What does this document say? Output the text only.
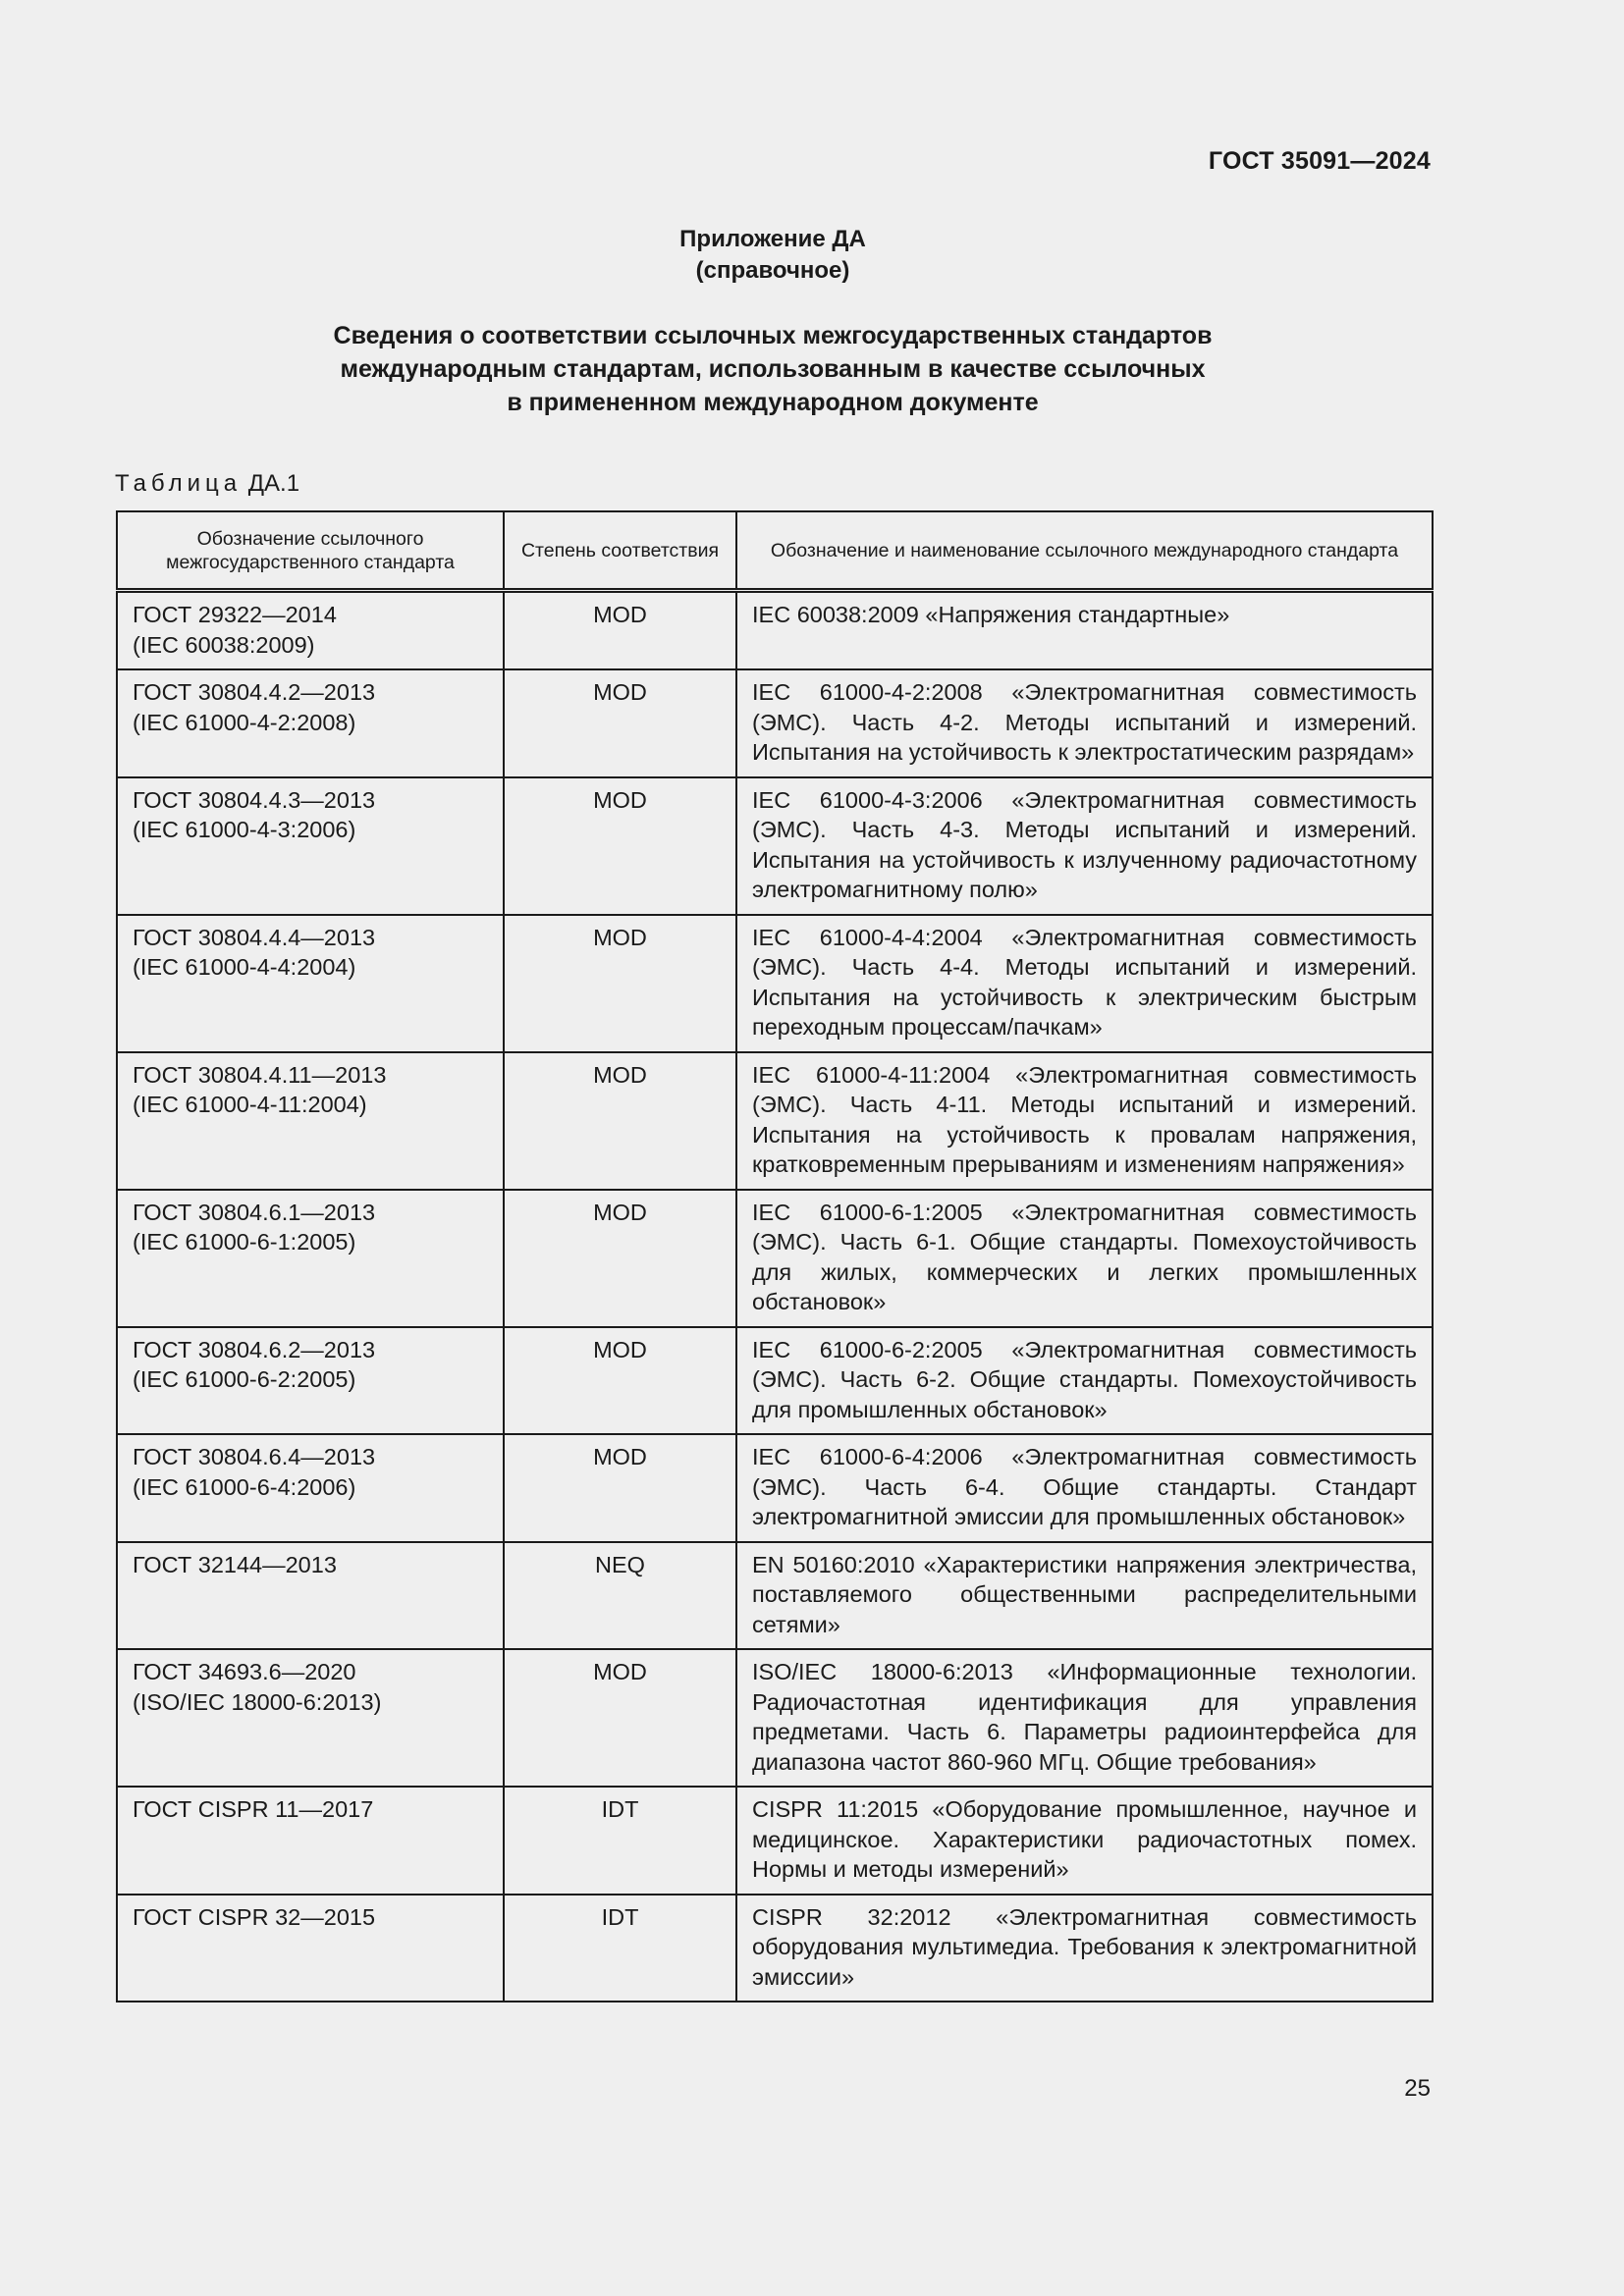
ГОСТ 35091—2024
Приложение ДА
(справочное)
Сведения о соответствии ссылочных межгосударственных стандартов
международным стандартам, использованным в качестве ссылочных
в примененном международном документе
Таблица ДА.1
Обозначение ссылочного межгосударственного стандарта	Степень соответствия	Обозначение и наименование ссылочного международного стандарта

ГОСТ 29322—2014
(IEC 60038:2009)	MOD	IEC 60038:2009 «Напряжения стандартные»

ГОСТ 30804.4.2—2013
(IEC 61000-4-2:2008)	MOD	IEC 61000-4-2:2008 «Электромагнитная совместимость (ЭМС). Часть 4-2. Методы испытаний и измерений. Испытания на устойчивость к электростатическим разрядам»

ГОСТ 30804.4.3—2013
(IEC 61000-4-3:2006)	MOD	IEC 61000-4-3:2006 «Электромагнитная совместимость (ЭМС). Часть 4-3. Методы испытаний и измерений. Испытания на устойчивость к излученному радиочастотному электромагнитному полю»

ГОСТ 30804.4.4—2013
(IEC 61000-4-4:2004)	MOD	IEC 61000-4-4:2004 «Электромагнитная совместимость (ЭМС). Часть 4-4. Методы испытаний и измерений. Испытания на устойчивость к электрическим быстрым переходным процессам/пачкам»

ГОСТ 30804.4.11—2013
(IEC 61000-4-11:2004)	MOD	IEC 61000-4-11:2004 «Электромагнитная совместимость (ЭМС). Часть 4-11. Методы испытаний и измерений. Испытания на устойчивость к провалам напряжения, кратковременным прерываниям и изменениям напряжения»

ГОСТ 30804.6.1—2013
(IEC 61000-6-1:2005)	MOD	IEC 61000-6-1:2005 «Электромагнитная совместимость (ЭМС). Часть 6-1. Общие стандарты. Помехоустойчивость для жилых, коммерческих и легких промышленных обстановок»

ГОСТ 30804.6.2—2013
(IEC 61000-6-2:2005)	MOD	IEC 61000-6-2:2005 «Электромагнитная совместимость (ЭМС). Часть 6-2. Общие стандарты. Помехоустойчивость для промышленных обстановок»

ГОСТ 30804.6.4—2013
(IEC 61000-6-4:2006)	MOD	IEC 61000-6-4:2006 «Электромагнитная совместимость (ЭМС). Часть 6-4. Общие стандарты. Стандарт электромагнитной эмиссии для промышленных обстановок»

ГОСТ 32144—2013	NEQ	EN 50160:2010 «Характеристики напряжения электричества, поставляемого общественными распределительными сетями»

ГОСТ 34693.6—2020
(ISO/IEC 18000-6:2013)	MOD	ISO/IEC 18000-6:2013 «Информационные технологии. Радиочастотная идентификация для управления предметами. Часть 6. Параметры радиоинтерфейса для диапазона частот 860-960 МГц. Общие требования»

ГОСТ CISPR 11—2017	IDT	CISPR 11:2015 «Оборудование промышленное, научное и медицинское. Характеристики радиочастотных помех. Нормы и методы измерений»

ГОСТ CISPR 32—2015	IDT	CISPR 32:2012 «Электромагнитная совместимость оборудования мультимедиа. Требования к электромагнитной эмиссии»
25
